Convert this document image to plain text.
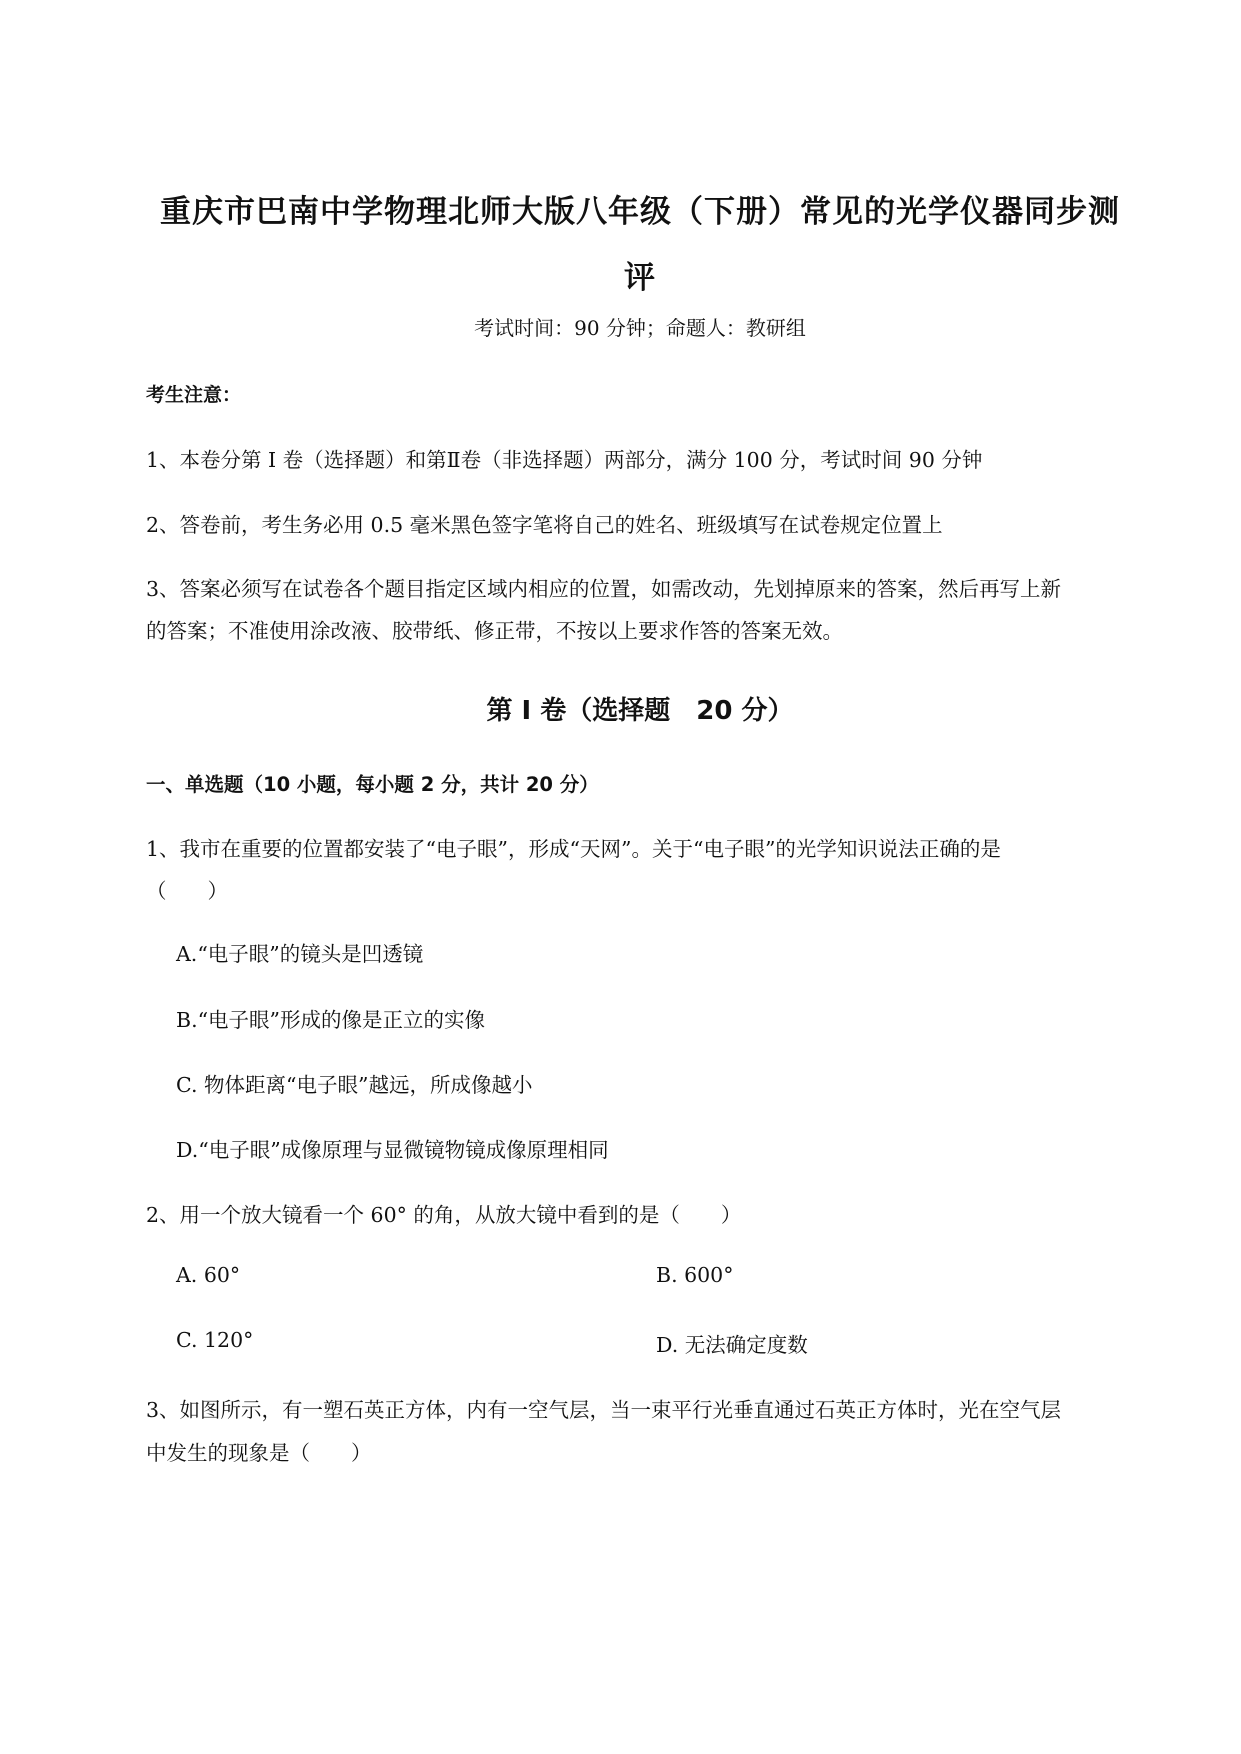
重庆市巴南中学物理北师大版八年级（下册）常见的光学仪器同步测
评
考试时间：90 分钟；命题人：教研组
考生注意：
1、本卷分第 I 卷（选择题）和第Ⅱ卷（非选择题）两部分，满分 100 分，考试时间 90 分钟
2、答卷前，考生务必用 0.5 毫米黑色签字笔将自己的姓名、班级填写在试卷规定位置上
3、答案必须写在试卷各个题目指定区域内相应的位置，如需改动，先划掉原来的答案，然后再写上新
的答案；不准使用涂改液、胶带纸、修正带，不按以上要求作答的答案无效。
第 I 卷（选择题　20 分）
一、单选题（10 小题，每小题 2 分，共计 20 分）
1、我市在重要的位置都安装了“电子眼”，形成“天网”。关于“电子眼”的光学知识说法正确的是
（　　）
A.“电子眼”的镜头是凹透镜
B.“电子眼”形成的像是正立的实像
C. 物体距离“电子眼”越远，所成像越小
D.“电子眼”成像原理与显微镜物镜成像原理相同
2、用一个放大镜看一个 60° 的角，从放大镜中看到的是（　　）
A. 60°	B. 600°
C. 120°	D. 无法确定度数
3、如图所示，有一塑石英正方体，内有一空气层，当一束平行光垂直通过石英正方体时，光在空气层
中发生的现象是（　　）
